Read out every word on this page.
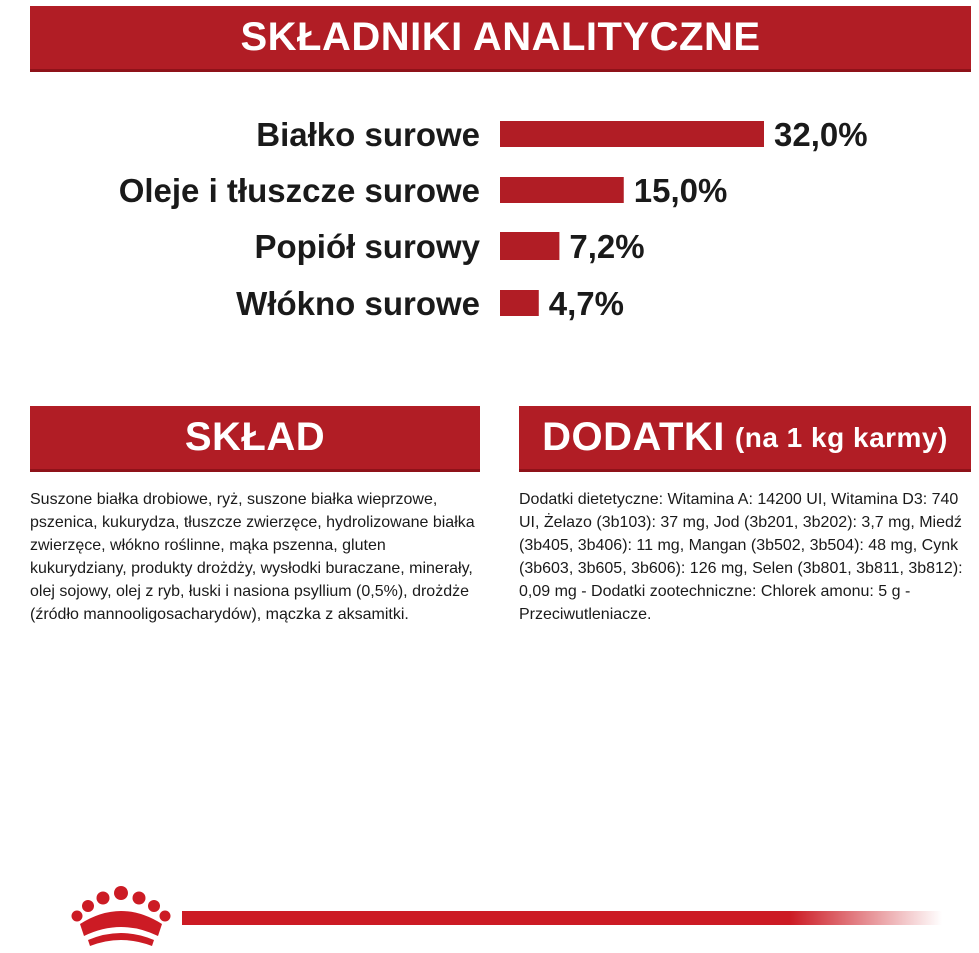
SKŁADNIKI ANALITYCZNE
Białko surowe	32,0%
Oleje i tłuszcze surowe	15,0%
Popiół surowy	7,2%
Włókno surowe 4,7%
SKŁAD	DODATKI (na 1 kg karmy)

Suszone białka drobiowe, ryż, suszone białka wieprzowe, pszenica, kukurydza, tłuszcze zwierzęce, hydrolizowane białka zwierzęce, włókno roślinne, mąka pszenna, gluten kukurydziany, produkty drożdży, wysłodki buraczane, minerały, olej sojowy, olej z ryb, łuski i nasiona psyllium (0,5%), drożdże (źródło mannooligosacharydów), mączka z aksamitki.

Dodatki dietetyczne: Witamina A: 14200 UI, Witamina D3: 740 UI, Żelazo (3b103): 37 mg, Jod (3b201, 3b202): 3,7 mg, Miedź (3b405, 3b406): 11 mg, Mangan (3b502, 3b504): 48 mg, Cynk (3b603, 3b605, 3b606): 126 mg, Selen (3b801, 3b811, 3b812): 0,09 mg - Dodatki zootechniczne: Chlorek amonu: 5 g - Przeciwutleniacze.
